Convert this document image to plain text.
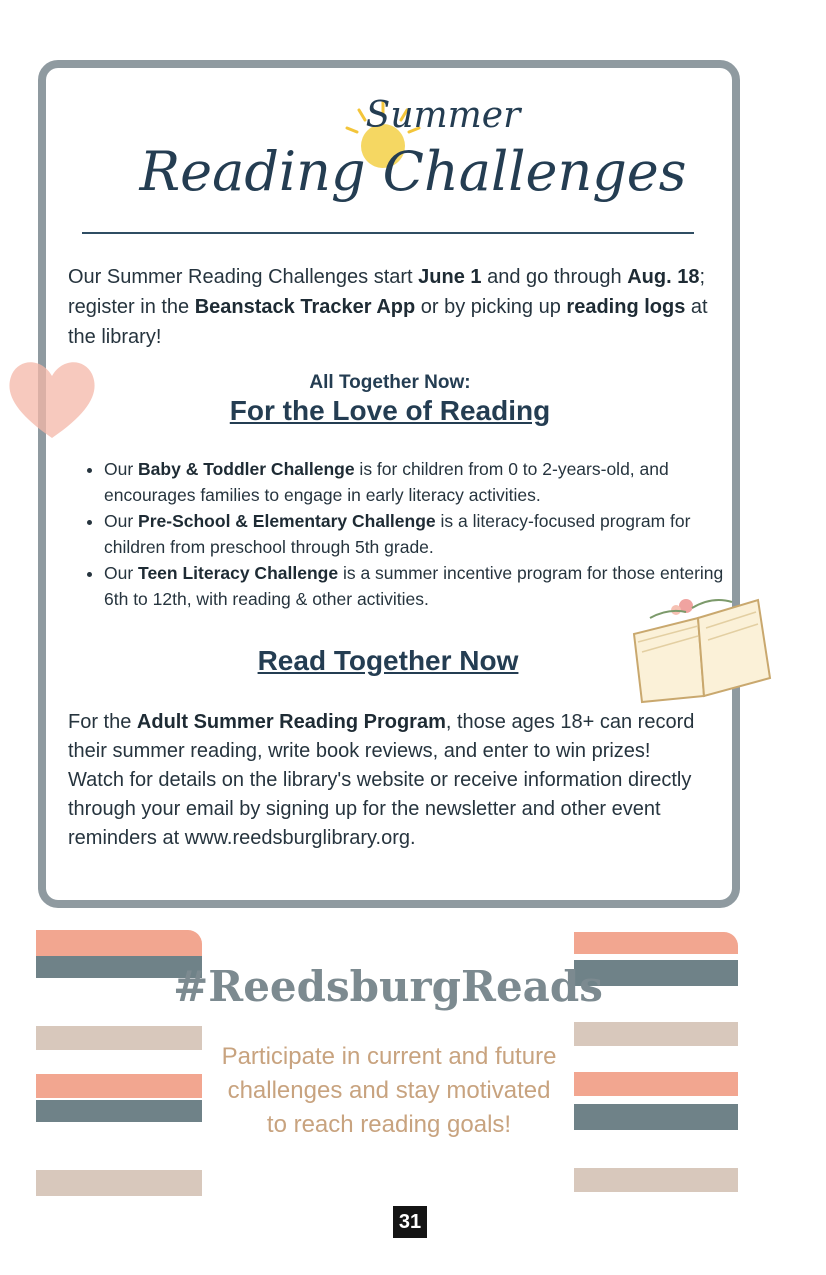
Summer
Reading Challenges
Our Summer Reading Challenges start June 1 and go through Aug. 18; register in the Beanstack Tracker App or by picking up reading logs at the library!
All Together Now:
For the Love of Reading
• Our Baby & Toddler Challenge is for children from 0 to 2-years-old, and encourages families to engage in early literacy activities.
• Our Pre-School & Elementary Challenge is a literacy-focused program for children from preschool through 5th grade.
• Our Teen Literacy Challenge is a summer incentive program for those entering 6th to 12th, with reading & other activities.
Read Together Now
For the Adult Summer Reading Program, those ages 18+ can record their summer reading, write book reviews, and enter to win prizes! Watch for details on the library's website or receive information directly through your email by signing up for the newsletter and other event reminders at www.reedsburglibrary.org.
#ReedsburgReads
Participate in current and future challenges and stay motivated to reach reading goals!
31
